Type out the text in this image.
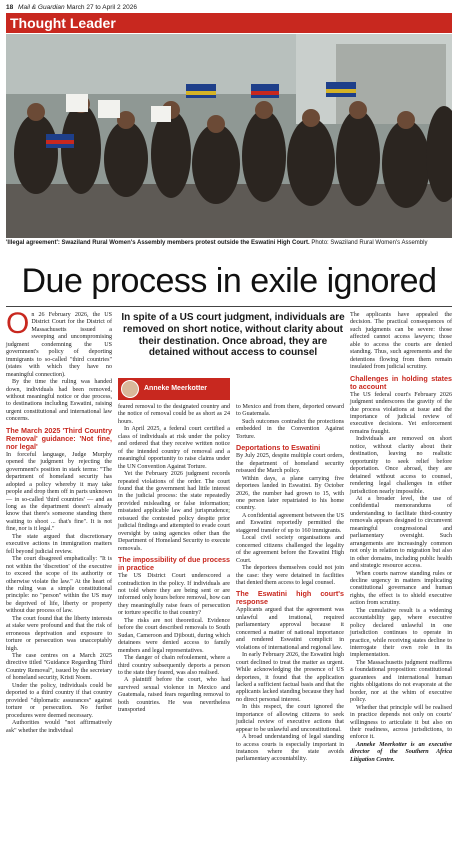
18 Mail & Guardian March 27 to April 2 2026
Thought Leader
'Illegal agreement': Swaziland Rural Women's Assembly members protest outside the Eswatini High Court. Photo: Swaziland Rural Women's Assembly
Due process in exile ignored

On 26 February 2026, the US District Court for the District of Massachusetts issued a sweeping and uncompromising judgment condemning the US government's policy of deporting immigrants to so-called "third countries" (states with which they have no meaningful connection).

By the time the ruling was handed down, individuals had been removed, without meaningful notice or due process, to destinations including Eswatini, raising urgent constitutional and international law concerns.

The March 2025 'Third Country Removal' guidance: 'Not fine, nor legal'

In forceful language, Judge Murphy opened the judgment by rejecting the government's position in stark terms: "The department of homeland security has adopted a policy whereby it may take people and drop them off in parts unknown — in so-called 'third countries' — and as long as the department doesn't already know that there's someone standing there waiting to shoot ... that's fine". It is not fine, nor is it legal."

The state argued that discretionary executive actions in immigration matters fell beyond judicial review.

The court disagreed emphatically: "It is not within the 'discretion' of the executive to exceed the scope of its authority or otherwise violate the law." At the heart of the ruling was a simple constitutional principle: no "person" within the US may be deprived of life, liberty or property without due process of law.

The court found that the liberty interests at stake were profound and that the risk of erroneous deprivation and exposure to torture or persecution was unacceptably high.

The case centres on a March 2025 directive titled "Guidance Regarding Third Country Removal", issued by the secretary of homeland security, Kristi Noem.

Under the policy, individuals could be deported to a third country if that country provided "diplomatic assurances" against torture or persecution. No further procedures were deemed necessary.

Authorities would "not affirmatively ask" whether the individual

In spite of a US court judgment, individuals are removed on short notice, without clarity about their destination. Once abroad, they are detained without access to counsel
Anneke Meerkotter

feared removal to the designated country and the notice of removal could be as short as 24 hours.

In April 2025, a federal court certified a class of individuals at risk under the policy and ordered that they receive written notice of the intended country of removal and a meaningful opportunity to raise claims under the UN Convention Against Torture.

Yet the February 2026 judgment records repeated violations of the order. The court found that the government had little interest in the judicial process: the state repeatedly provided misleading or false information; misstated applicable law and jurisprudence; reissued the contested policy despite prior judicial findings and attempted to evade court oversight by using agencies other than the Department of Homeland Security to execute removals.

The impossibility of due process in practice

The US District Court underscored a contradiction in the policy. If individuals are not told where they are being sent or are informed only hours before removal, how can they meaningfully raise fears of persecution or torture specific to that country?

The risks are not theoretical. Evidence before the court described removals to South Sudan, Cameroon and Djibouti, during which detainees were denied access to family members and legal representatives.

The danger of chain refoulement, where a third country subsequently deports a person to the state they feared, was also realised.

A plaintiff before the court, who had survived sexual violence in Mexico and Guatemala, raised fears regarding removal to both countries. He was nevertheless transported

to Mexico and from there, deported onward to Guatemala.

Such outcomes contradict the protections embedded in the Convention Against Torture.

Deportations to Eswatini

By July 2025, despite multiple court orders, the department of homeland security reissued the March policy.

Within days, a plane carrying five deportees landed in Eswatini. By October 2026, the number had grown to 15, with one person later repatriated to his home country.

A confidential agreement between the US and Eswatini reportedly permitted the staggered transfer of up to 160 immigrants.

Local civil society organisations and concerned citizens challenged the legality of the agreement before the Eswatini High Court.

The deportees themselves could not join the case: they were detained in facilities that denied them access to legal counsel.

The Eswatini high court's response

Applicants argued that the agreement was unlawful and irrational, required parliamentary approval because it concerned a matter of national importance and rendered Eswatini complicit in violations of international and regional law.

In early February 2026, the Eswatini high court declined to treat the matter as urgent. While acknowledging the presence of US deportees, it found that the application lacked a sufficient factual basis and that the applicants lacked standing because they had no direct personal interest.

In this respect, the court ignored the importance of allowing citizens to seek judicial review of executive actions that appear to be unlawful and unconstitutional.

A broad understanding of legal standing to access courts is especially important in instances where the state avoids parliamentary accountability.

The applicants have appealed the decision. The practical consequences of such judgments can be severe: those affected cannot access lawyers; those able to access the courts are denied standing. Thus, such agreements and the detentions flowing from them remain insulated from judicial scrutiny.

Challenges in holding states to account

The US federal court's February 2026 judgment underscores the gravity of the due process violations at issue and the importance of judicial review of executive decisions. Yet enforcement remains fraught.

Individuals are removed on short notice, without clarity about their destination, leaving no realistic opportunity to seek relief before deportation. Once abroad, they are detained without access to counsel, rendering legal challenges in either jurisdiction nearly impossible.

At a broader level, the use of confidential memorandums of understanding to facilitate third-country removals appears designed to circumvent meaningful congressional and parliamentary oversight. Such arrangements are increasingly common not only in relation to migration but also in other domains, including public health and strategic resource access.

When courts narrow standing rules or decline urgency in matters implicating constitutional governance and human rights, the effect is to shield executive action from scrutiny.

The cumulative result is a widening accountability gap, where executive policy declared unlawful in one jurisdiction continues to operate in practice, while receiving states decline to interrogate their own role in its implementation.

The Massachusetts judgment reaffirms a foundational proposition: constitutional guarantees and international human rights obligations do not evaporate at the border, nor at the whim of executive policy.

Whether that principle will be realised in practice depends not only on courts' willingness to articulate it but also on their readiness, across jurisdictions, to enforce it.

Anneke Meerkotter is an executive director of the Southern Africa Litigation Centre.
